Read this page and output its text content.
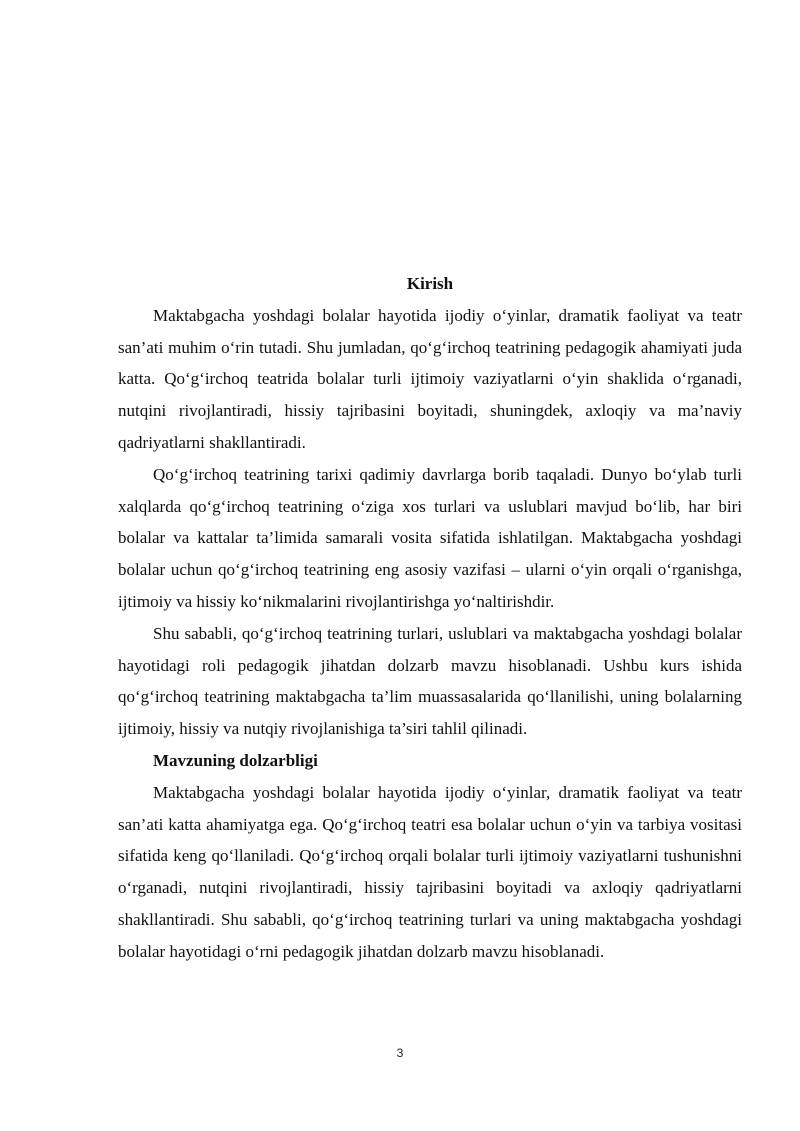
Kirish

Maktabgacha yoshdagi bolalar hayotida ijodiy o‘yinlar, dramatik faoliyat va teatr san’ati muhim o‘rin tutadi. Shu jumladan, qo‘g‘irchoq teatrining pedagogik ahamiyati juda katta. Qo‘g‘irchoq teatrida bolalar turli ijtimoiy vaziyatlarni o‘yin shaklida o‘rganadi, nutqini rivojlantiradi, hissiy tajribasini boyitadi, shuningdek, axloqiy va ma’naviy qadriyatlarni shakllantiradi.

Qo‘g‘irchoq teatrining tarixi qadimiy davrlarga borib taqaladi. Dunyo bo‘ylab turli xalqlarda qo‘g‘irchoq teatrining o‘ziga xos turlari va uslublari mavjud bo‘lib, har biri bolalar va kattalar ta’limida samarali vosita sifatida ishlatilgan. Maktabgacha yoshdagi bolalar uchun qo‘g‘irchoq teatrining eng asosiy vazifasi – ularni o‘yin orqali o‘rganishga, ijtimoiy va hissiy ko‘nikmalarini rivojlantirishga yo‘naltirishdir.

Shu sababli, qo‘g‘irchoq teatrining turlari, uslublari va maktabgacha yoshdagi bolalar hayotidagi roli pedagogik jihatdan dolzarb mavzu hisoblanadi. Ushbu kurs ishida qo‘g‘irchoq teatrining maktabgacha ta’lim muassasalarida qo‘llanilishi, uning bolalarning ijtimoiy, hissiy va nutqiy rivojlanishiga ta’siri tahlil qilinadi.

Mavzuning dolzarbligi

Maktabgacha yoshdagi bolalar hayotida ijodiy o‘yinlar, dramatik faoliyat va teatr san’ati katta ahamiyatga ega. Qo‘g‘irchoq teatri esa bolalar uchun o‘yin va tarbiya vositasi sifatida keng qo‘llaniladi. Qo‘g‘irchoq orqali bolalar turli ijtimoiy vaziyatlarni tushunishni o‘rganadi, nutqini rivojlantiradi, hissiy tajribasini boyitadi va axloqiy qadriyatlarni shakllantiradi. Shu sababli, qo‘g‘irchoq teatrining turlari va uning maktabgacha yoshdagi bolalar hayotidagi o‘rni pedagogik jihatdan dolzarb mavzu hisoblanadi.

3
